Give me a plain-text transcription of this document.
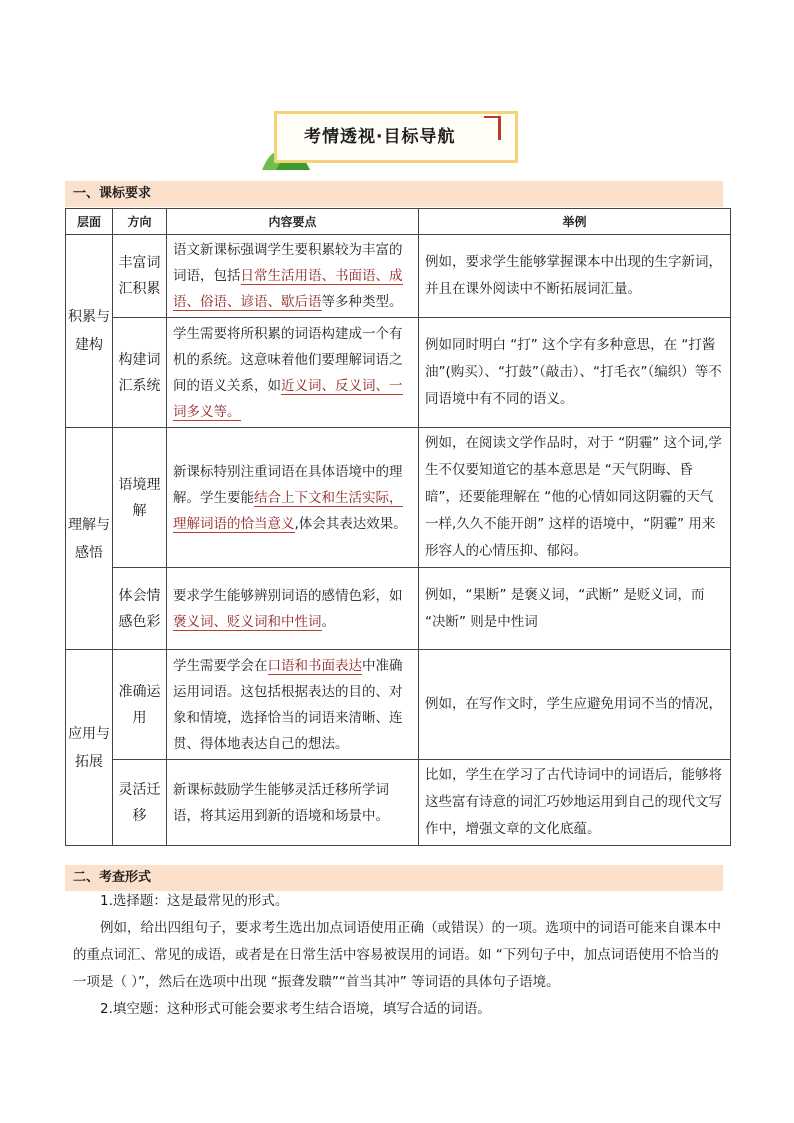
考情透视·目标导航
一、课标要求
层面	方向	内容要点	举例
积累与建构	丰富词汇积累	语文新课标强调学生要积累较为丰富的词语，包括日常生活用语、书面语、成语、俗语、谚语、歇后语等多种类型。	例如，要求学生能够掌握课本中出现的生字新词，并且在课外阅读中不断拓展词汇量。
	构建词汇系统	学生需要将所积累的词语构建成一个有机的系统。这意味着他们要理解词语之间的语义关系，如近义词、反义词、一词多义等。	例如同时明白 “打” 这个字有多种意思，在 “打酱油”(购买）、“打鼓”（敲击）、“打毛衣”（编织）等不同语境中有不同的语义。
理解与感悟	语境理解	新课标特别注重词语在具体语境中的理解。学生要能结合上下文和生活实际，理解词语的恰当意义,体会其表达效果。	例如，在阅读文学作品时，对于 “阴霾” 这个词,学生不仅要知道它的基本意思是 “天气阴晦、昏暗”，还要能理解在 “他的心情如同这阴霾的天气一样,久久不能开朗” 这样的语境中，“阴霾” 用来形容人的心情压抑、郁闷。
	体会情感色彩	要求学生能够辨别词语的感情色彩，如褒义词、贬义词和中性词。	例如，“果断” 是褒义词，“武断” 是贬义词，而 “决断” 则是中性词
应用与拓展	准确运用	学生需要学会在口语和书面表达中准确运用词语。这包括根据表达的目的、对象和情境，选择恰当的词语来清晰、连贯、得体地表达自己的想法。	例如，在写作文时，学生应避免用词不当的情况，
	灵活迁移	新课标鼓励学生能够灵活迁移所学词语，将其运用到新的语境和场景中。	比如，学生在学习了古代诗词中的词语后，能够将这些富有诗意的词汇巧妙地运用到自己的现代文写作中，增强文章的文化底蕴。
二、考查形式
1.选择题：这是最常见的形式。
例如，给出四组句子，要求考生选出加点词语使用正确（或错误）的一项。选项中的词语可能来自课本中的重点词汇、常见的成语，或者是在日常生活中容易被误用的词语。如 “下列句子中，加点词语使用不恰当的一项是（ ）”，然后在选项中出现 “振聋发聩”“首当其冲” 等词语的具体句子语境。
2.填空题：这种形式可能会要求考生结合语境，填写合适的词语。
